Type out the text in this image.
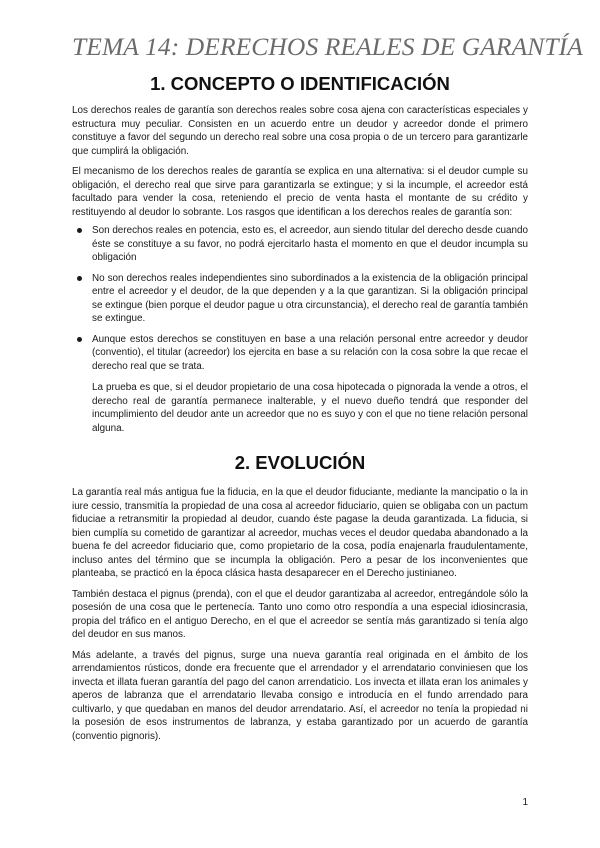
TEMA 14: DERECHOS REALES DE GARANTÍA
1. CONCEPTO O IDENTIFICACIÓN

Los derechos reales de garantía son derechos reales sobre cosa ajena con características especiales y estructura muy peculiar. Consisten en un acuerdo entre un deudor y acreedor donde el primero constituye a favor del segundo un derecho real sobre una cosa propia o de un tercero para garantizarle que cumplirá la obligación.

El mecanismo de los derechos reales de garantía se explica en una alternativa: si el deudor cumple su obligación, el derecho real que sirve para garantizarla se extingue; y si la incumple, el acreedor está facultado para vender la cosa, reteniendo el precio de venta hasta el montante de su crédito y restituyendo al deudor lo sobrante. Los rasgos que identifican a los derechos reales de garantía son:

Son derechos reales en potencia, esto es, el acreedor, aun siendo titular del derecho desde cuando éste se constituye a su favor, no podrá ejercitarlo hasta el momento en que el deudor incumpla su obligación
No son derechos reales independientes sino subordinados a la existencia de la obligación principal entre el acreedor y el deudor, de la que dependen y a la que garantizan. Si la obligación principal se extingue (bien porque el deudor pague u otra circunstancia), el derecho real de garantía también se extingue.
Aunque estos derechos se constituyen en base a una relación personal entre acreedor y deudor (conventio), el titular (acreedor) los ejercita en base a su relación con la cosa sobre la que recae el derecho real que se trata.
La prueba es que, si el deudor propietario de una cosa hipotecada o pignorada la vende a otros, el derecho real de garantía permanece inalterable, y el nuevo dueño tendrá que responder del incumplimiento del deudor ante un acreedor que no es suyo y con el que no tiene relación personal alguna.
2. EVOLUCIÓN

La garantía real más antigua fue la fiducia, en la que el deudor fiduciante, mediante la mancipatio o la in iure cessio, transmitía la propiedad de una cosa al acreedor fiduciario, quien se obligaba con un pactum fiduciae a retransmitir la propiedad al deudor, cuando éste pagase la deuda garantizada. La fiducia, si bien cumplía su cometido de garantizar al acreedor, muchas veces el deudor quedaba abandonado a la buena fe del acreedor fiduciario que, como propietario de la cosa, podía enajenarla fraudulentamente, incluso antes del término que se incumpla la obligación. Pero a pesar de los inconvenientes que planteaba, se practicó en la época clásica hasta desaparecer en el Derecho justinianeo.

También destaca el pignus (prenda), con el que el deudor garantizaba al acreedor, entregándole sólo la posesión de una cosa que le pertenecía. Tanto uno como otro respondía a una especial idiosincrasia, propia del tráfico en el antiguo Derecho, en el que el acreedor se sentía más garantizado si tenía algo del deudor en sus manos.

Más adelante, a través del pignus, surge una nueva garantía real originada en el ámbito de los arrendamientos rústicos, donde era frecuente que el arrendador y el arrendatario conviniesen que los invecta et illata fueran garantía del pago del canon arrendaticio. Los invecta et illata eran los animales y aperos de labranza que el arrendatario llevaba consigo e introducía en el fundo arrendado para cultivarlo, y que quedaban en manos del deudor arrendatario. Así, el acreedor no tenía la propiedad ni la posesión de esos instrumentos de labranza, y estaba garantizado por un acuerdo de garantía (conventio pignoris).

1
